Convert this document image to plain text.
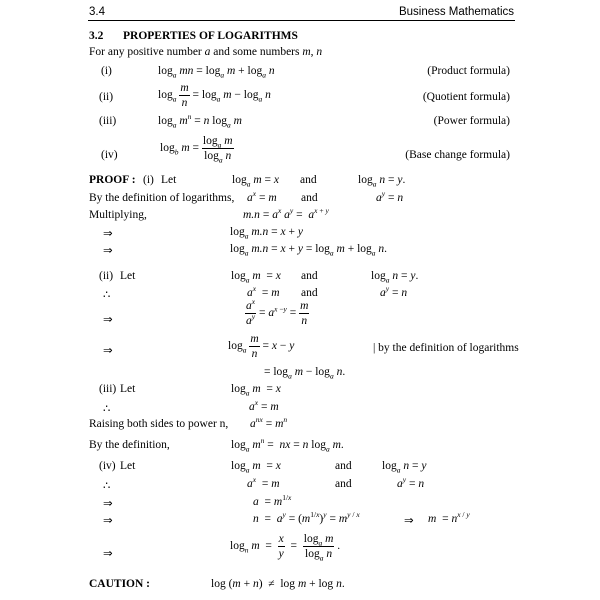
3.4	Business Mathematics
3.2 PROPERTIES OF LOGARITHMS
For any positive number a and some numbers m, n
(i)	$\log_a$ mn = $\log_a m + \log_a n$	(Product formula)
(ii)	$\log_a \frac{m}{n} = \log_a m - \log_a n$	(Quotient formula)
(iii)	$\log_a m^n = n$ $\log_a m$	(Power formula)
(iv)
$\log_b m = \frac{\log_a m}{\log_a n}$	(Base change formula)
PROOF : (i) Let	$\log_a m = x$ and	$\log_a n = y$.
By the definition of logarithms, $a^x = m$ and	$a^y = n$
Multiplying,	$m.n = a^x$ $a^y = a^{x + y}$
⇒	$\log_a m.n = x + y$
⇒	$\log_a m.n = x + y = \log_a m + \log_a n$.
(ii) Let	$\log_a m = x$ and	$\log_a n = y$.
∴	$a^x = m$ and	$a^y = n$
⇒	$\frac{a^x}{a^y} = a^{x -y} = \frac{m}{n}$
⇒	$\log_a \frac{m}{n} = x - y$	| by the definition of logarithms
= $\log_a m - \log_a n$.
(iii) Let	$\log_a m = x$
∴	$a^x = m$
Raising both sides to power n, $a^{nx} = m^n$
By the definition,	$\log_a m^n$ =  nx = n $\log_a m$.
(iv) Let	$\log_a m = x$	and	$\log_a n = y$
∴	$a^x = m$	and	$a^y = n$
⇒	$a = m^{1/x}$
⇒	$n = a^y = (m^{1/x})^y = m^{y / x}$
⇒ $m = n^{x / y}$
⇒
$\log_n m = \frac{x}{y} = \frac{\log_a m}{\log_a n}$ .
CAUTION :	log (m + n)  ≠  log m + log n.
